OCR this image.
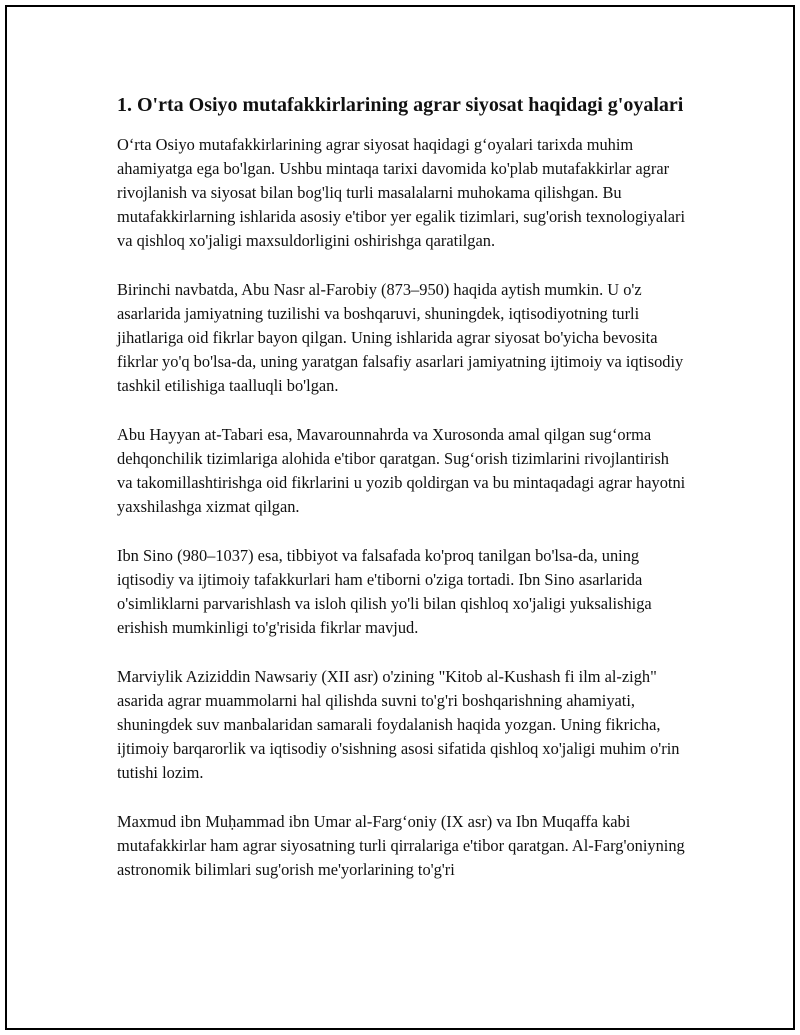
1. O'rta Osiyo mutafakkirlarining agrar siyosat haqidagi g'oyalari

O‘rta Osiyo mutafakkirlarining agrar siyosat haqidagi g‘oyalari tarixda muhim ahamiyatga ega bo'lgan. Ushbu mintaqa tarixi davomida ko'plab mutafakkirlar agrar rivojlanish va siyosat bilan bog'liq turli masalalarni muhokama qilishgan. Bu mutafakkirlarning ishlarida asosiy e'tibor yer egalik tizimlari, sug'orish texnologiyalari va qishloq xo'jaligi maxsuldorligini oshirishga qaratilgan.

Birinchi navbatda, Abu Nasr al-Farobiy (873–950) haqida aytish mumkin. U o'z asarlarida jamiyatning tuzilishi va boshqaruvi, shuningdek, iqtisodiyotning turli jihatlariga oid fikrlar bayon qilgan. Uning ishlarida agrar siyosat bo'yicha bevosita fikrlar yo'q bo'lsa-da, uning yaratgan falsafiy asarlari jamiyatning ijtimoiy va iqtisodiy tashkil etilishiga taalluqli bo'lgan.

Abu Hayyan at-Tabari esa, Mavarounnahrda va Xurosonda amal qilgan sug‘orma dehqonchilik tizimlariga alohida e'tibor qaratgan. Sug‘orish tizimlarini rivojlantirish va takomillashtirishga oid fikrlarini u yozib qoldirgan va bu mintaqadagi agrar hayotni yaxshilashga xizmat qilgan.

Ibn Sino (980–1037) esa, tibbiyot va falsafada ko'proq tanilgan bo'lsa-da, uning iqtisodiy va ijtimoiy tafakkurlari ham e'tiborni o'ziga tortadi. Ibn Sino asarlarida o'simliklarni parvarishlash va isloh qilish yo'li bilan qishloq xo'jaligi yuksalishiga erishish mumkinligi to'g'risida fikrlar mavjud.

Marviylik Aziziddin Nawsariy (XII asr) o'zining "Kitob al-Kushash fi ilm al-zigh" asarida agrar muammolarni hal qilishda suvni to'g'ri boshqarishning ahamiyati, shuningdek suv manbalaridan samarali foydalanish haqida yozgan. Uning fikricha, ijtimoiy barqarorlik va iqtisodiy o'sishning asosi sifatida qishloq xo'jaligi muhim o'rin tutishi lozim.

Maxmud ibn Muḥammad ibn Umar al-Farg‘oniy (IX asr) va Ibn Muqaffa kabi mutafakkirlar ham agrar siyosatning turli qirralariga e'tibor qaratgan. Al-Farg'oniyning astronomik bilimlari sug'orish me'yorlarining to'g'ri
